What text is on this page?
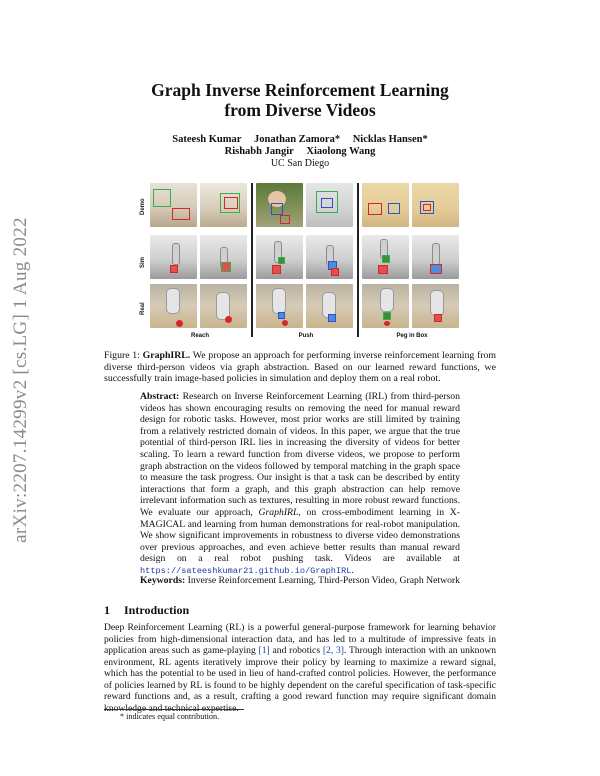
arXiv:2207.14299v2 [cs.LG] 1 Aug 2022
Graph Inverse Reinforcement Learning
from Diverse Videos
Sateesh Kumar Jonathan Zamora* Nicklas Hansen*
Rishabh Jangir Xiaolong Wang
UC San Diego
Demo
Sim
Real
Reach	Push	Peg in Box
Figure 1: GraphIRL. We propose an approach for performing inverse reinforcement learning from diverse third-person videos via graph abstraction. Based on our learned reward functions, we successfully train image-based policies in simulation and deploy them on a real robot.
Abstract: Research on Inverse Reinforcement Learning (IRL) from third-person videos has shown encouraging results on removing the need for manual reward design for robotic tasks. However, most prior works are still limited by training from a relatively restricted domain of videos. In this paper, we argue that the true potential of third-person IRL lies in increasing the diversity of videos for better scaling. To learn a reward function from diverse videos, we propose to perform graph abstraction on the videos followed by temporal matching in the graph space to measure the task progress. Our insight is that a task can be described by entity interactions that form a graph, and this graph abstraction can help remove irrelevant information such as textures, resulting in more robust reward functions. We evaluate our approach, GraphIRL, on cross-embodiment learning in X-MAGICAL and learning from human demonstrations for real-robot manipulation. We show significant improvements in robustness to diverse video demonstrations over previous approaches, and even achieve better results than manual reward design on a real robot pushing task. Videos are available at https://sateeshkumar21.github.io/GraphIRL.
Keywords: Inverse Reinforcement Learning, Third-Person Video, Graph Network
1 Introduction
Deep Reinforcement Learning (RL) is a powerful general-purpose framework for learning behavior policies from high-dimensional interaction data, and has led to a multitude of impressive feats in application areas such as game-playing [1] and robotics [2, 3]. Through interaction with an unknown environment, RL agents iteratively improve their policy by learning to maximize a reward signal, which has the potential to be used in lieu of hand-crafted control policies. However, the performance of policies learned by RL is found to be highly dependent on the careful specification of task-specific reward functions and, as a result, crafting a good reward function may require significant domain knowledge and technical expertise.
* indicates equal contribution.
